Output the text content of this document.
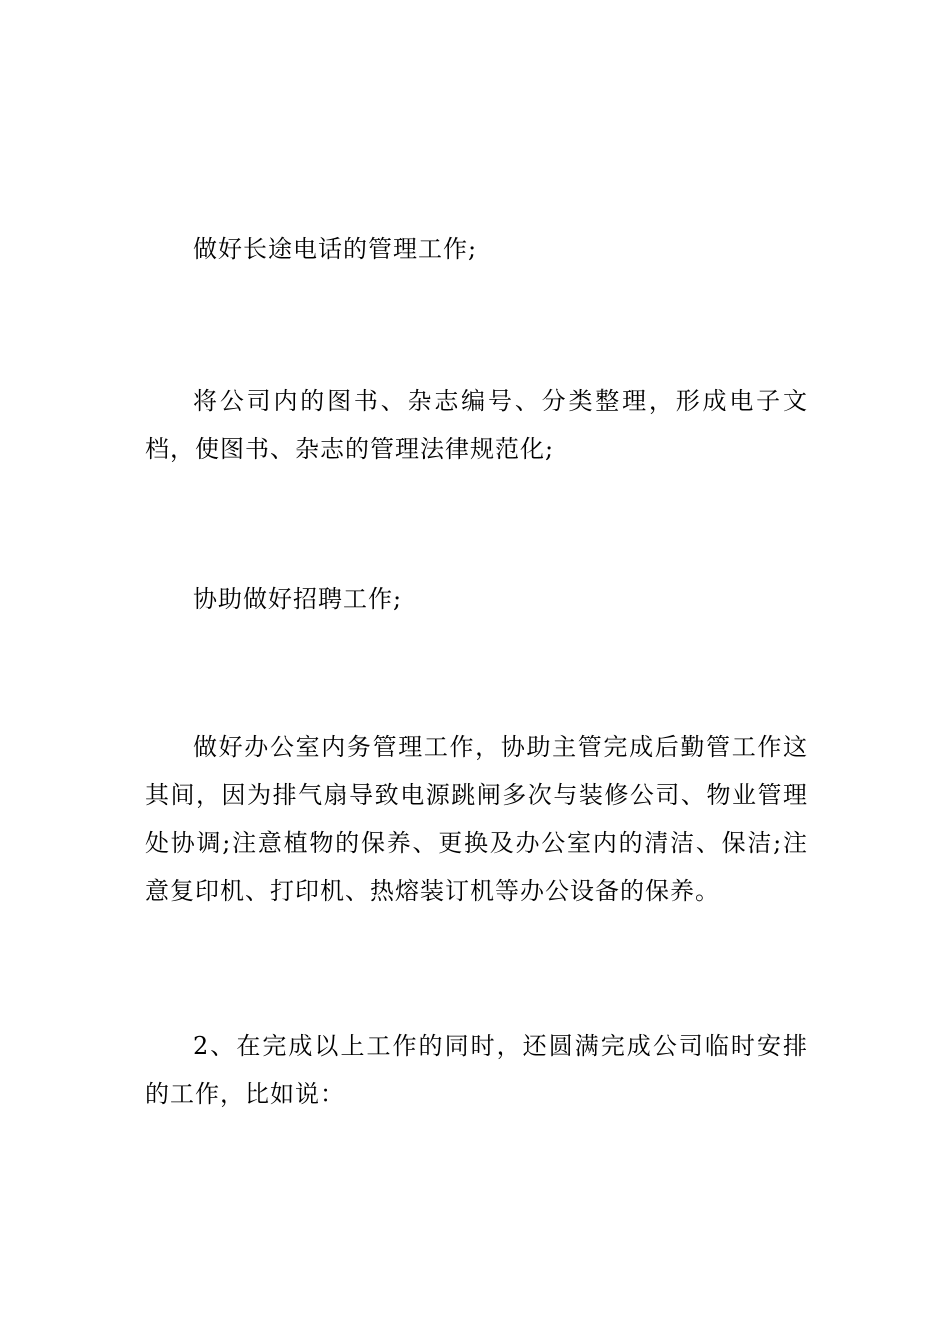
做好长途电话的管理工作;

将公司内的图书、杂志编号、分类整理，形成电子文档，使图书、杂志的管理法律规范化;

协助做好招聘工作;

做好办公室内务管理工作，协助主管完成后勤管工作这其间，因为排气扇导致电源跳闸多次与装修公司、物业管理处协调;注意植物的保养、更换及办公室内的清洁、保洁;注意复印机、打印机、热熔装订机等办公设备的保养。

2、在完成以上工作的同时，还圆满完成公司临时安排的工作，比如说：
